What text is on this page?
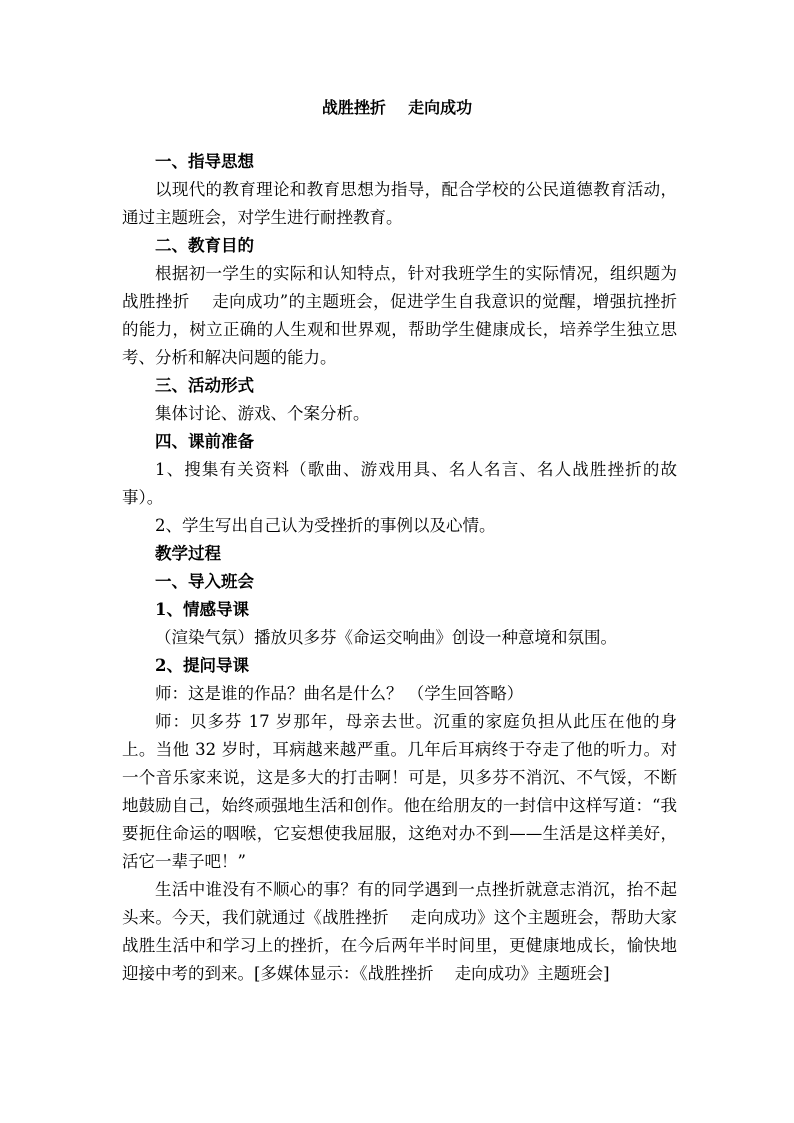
战胜挫折    走向成功

一、指导思想

以现代的教育理论和教育思想为指导，配合学校的公民道德教育活动，通过主题班会，对学生进行耐挫教育。

二、教育目的

根据初一学生的实际和认知特点，针对我班学生的实际情况，组织题为战胜挫折    走向成功”的主题班会，促进学生自我意识的觉醒，增强抗挫折的能力，树立正确的人生观和世界观，帮助学生健康成长，培养学生独立思考、分析和解决问题的能力。

三、活动形式

集体讨论、游戏、个案分析。

四、课前准备

1、搜集有关资料（歌曲、游戏用具、名人名言、名人战胜挫折的故事）。

2、学生写出自己认为受挫折的事例以及心情。

教学过程

一、导入班会

1、情感导课

（渲染气氛）播放贝多芬《命运交响曲》创设一种意境和氛围。

2、提问导课

师：这是谁的作品？曲名是什么？ （学生回答略）

师：贝多芬 17 岁那年，母亲去世。沉重的家庭负担从此压在他的身上。当他 32 岁时，耳病越来越严重。几年后耳病终于夺走了他的听力。对一个音乐家来说，这是多大的打击啊！可是，贝多芬不消沉、不气馁，不断地鼓励自己，始终顽强地生活和创作。他在给朋友的一封信中这样写道：“我要扼住命运的咽喉，它妄想使我屈服，这绝对办不到——生活是这样美好，活它一辈子吧！”

生活中谁没有不顺心的事？有的同学遇到一点挫折就意志消沉，抬不起头来。今天，我们就通过《战胜挫折    走向成功》这个主题班会，帮助大家战胜生活中和学习上的挫折，在今后两年半时间里，更健康地成长，愉快地迎接中考的到来。[多媒体显示：《战胜挫折    走向成功》主题班会]
